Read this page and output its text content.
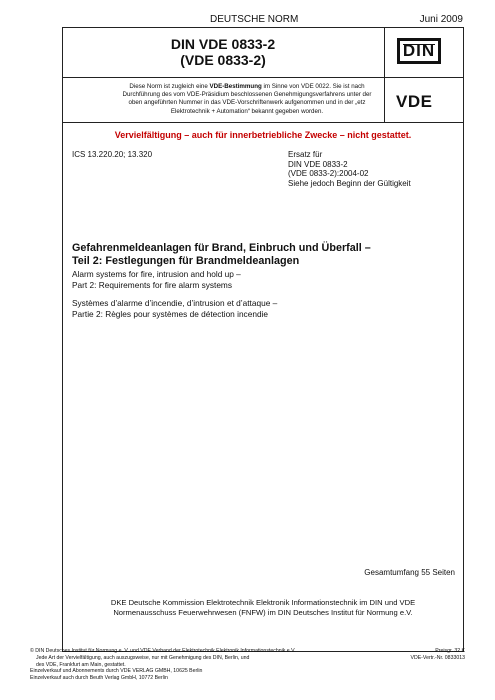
DEUTSCHE NORM	Juni 2009
DIN VDE 0833-2
(VDE 0833-2)	DIN
Diese Norm ist zugleich eine VDE-Bestimmung im Sinne von VDE 0022. Sie ist nach Durchführung des vom VDE-Präsidium beschlossenen Genehmigungsverfahrens unter der oben angeführten Nummer in das VDE-Vorschriftenwerk aufgenommen und in der „etz Elektrotechnik + Automation“ bekannt gegeben worden.
VDE
Vervielfältigung – auch für innerbetriebliche Zwecke – nicht gestattet.
ICS 13.220.20; 13.320	Ersatz für
DIN VDE 0833-2
(VDE 0833-2):2004-02
Siehe jedoch Beginn der Gültigkeit
Gefahrenmeldeanlagen für Brand, Einbruch und Überfall –
Teil 2: Festlegungen für Brandmeldeanlagen
Alarm systems for fire, intrusion and hold up –
Part 2: Requirements for fire alarm systems
Systèmes d’alarme d’incendie, d’intrusion et d’attaque –
Partie 2: Règles pour systèmes de détection incendie
Gesamtumfang 55 Seiten
DKE Deutsche Kommission Elektrotechnik Elektronik Informationstechnik im DIN und VDE
Normenausschuss Feuerwehrwesen (FNFW) im DIN Deutsches Institut für Normung e.V.
© DIN Deutsches Institut für Normung e. V. und VDE Verband der Elektrotechnik Elektronik Informationstechnik e.V.
Jede Art der Vervielfältigung, auch auszugsweise, nur mit Genehmigung des DIN, Berlin, und
des VDE, Frankfurt am Main, gestattet.
Einzelverkauf und Abonnements durch VDE VERLAG GMBH, 10625 Berlin
Einzelverkauf auch durch Beuth Verlag GmbH, 10772 Berlin
Preisgr. 32 K
VDE-Vertr.-Nr. 0833013
